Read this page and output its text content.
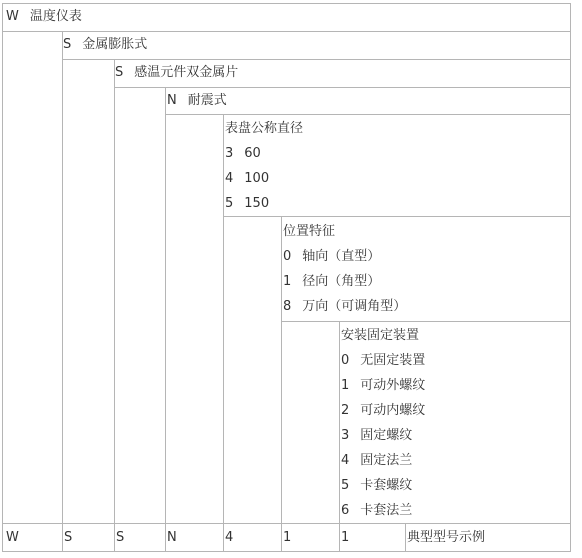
W 温度仪表
S 金属膨胀式
S 感温元件双金属片
N 耐震式
表盘公称直径
3 60
4 100
5 150
位置特征
0 轴向（直型）
1 径向（角型）
8 万向（可调角型）
安装固定装置
0 无固定装置
1 可动外螺纹
2 可动内螺纹
3 固定螺纹
4 固定法兰
5 卡套螺纹
6 卡套法兰
W	S	S	N	4	1	1	典型型号示例
